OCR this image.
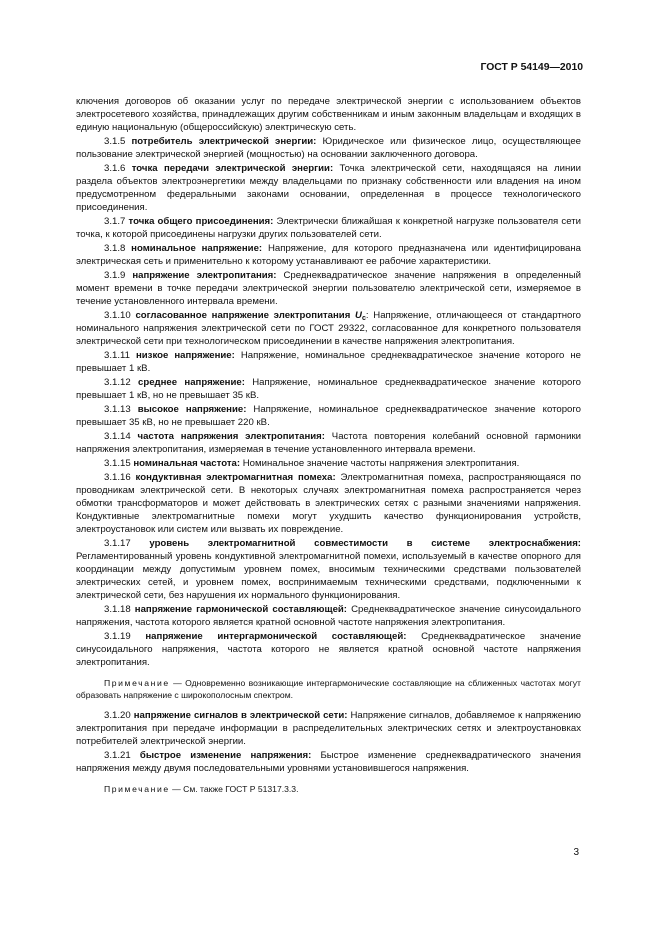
ГОСТ Р 54149—2010

ключения договоров об оказании услуг по передаче электрической энергии с использованием объектов электросетевого хозяйства, принадлежащих другим собственникам и иным законным владельцам и входящих в единую национальную (общероссийскую) электрическую сеть.

3.1.5 потребитель электрической энергии: Юридическое или физическое лицо, осуществляющее пользование электрической энергией (мощностью) на основании заключенного договора.

3.1.6 точка передачи электрической энергии: Точка электрической сети, находящаяся на линии раздела объектов электроэнергетики между владельцами по признаку собственности или владения на ином предусмотренном федеральными законами основании, определенная в процессе технологического присоединения.

3.1.7 точка общего присоединения: Электрически ближайшая к конкретной нагрузке пользователя сети точка, к которой присоединены нагрузки других пользователей сети.

3.1.8 номинальное напряжение: Напряжение, для которого предназначена или идентифицирована электрическая сеть и применительно к которому устанавливают ее рабочие характеристики.

3.1.9 напряжение электропитания: Среднеквадратическое значение напряжения в определенный момент времени в точке передачи электрической энергии пользователю электрической сети, измеряемое в течение установленного интервала времени.

3.1.10 согласованное напряжение электропитания $U_c$: Напряжение, отличающееся от стандартного номинального напряжения электрической сети по ГОСТ 29322, согласованное для конкретного пользователя электрической сети при технологическом присоединении в качестве напряжения электропитания.

3.1.11 низкое напряжение: Напряжение, номинальное среднеквадратическое значение которого не превышает 1 кВ.

3.1.12 среднее напряжение: Напряжение, номинальное среднеквадратическое значение которого превышает 1 кВ, но не превышает 35 кВ.

3.1.13 высокое напряжение: Напряжение, номинальное среднеквадратическое значение которого превышает 35 кВ, но не превышает 220 кВ.

3.1.14 частота напряжения электропитания: Частота повторения колебаний основной гармоники напряжения электропитания, измеряемая в течение установленного интервала времени.

3.1.15 номинальная частота: Номинальное значение частоты напряжения электропитания.

3.1.16 кондуктивная электромагнитная помеха: Электромагнитная помеха, распространяющаяся по проводникам электрической сети. В некоторых случаях электромагнитная помеха распространяется через обмотки трансформаторов и может действовать в электрических сетях с разными значениями напряжения. Кондуктивные электромагнитные помехи могут ухудшить качество функционирования устройств, электроустановок или систем или вызвать их повреждение.

3.1.17 уровень электромагнитной совместимости в системе электроснабжения: Регламентированный уровень кондуктивной электромагнитной помехи, используемый в качестве опорного для координации между допустимым уровнем помех, вносимым техническими средствами пользователей электрических сетей, и уровнем помех, воспринимаемым техническими средствами, подключенными к электрической сети, без нарушения их нормального функционирования.

3.1.18 напряжение гармонической составляющей: Среднеквадратическое значение синусоидального напряжения, частота которого является кратной основной частоте напряжения электропитания.

3.1.19 напряжение интергармонической составляющей: Среднеквадратическое значение синусоидального напряжения, частота которого не является кратной основной частоте напряжения электропитания.

Примечание — Одновременно возникающие интергармонические составляющие на сближенных частотах могут образовать напряжение с широкополосным спектром.

3.1.20 напряжение сигналов в электрической сети: Напряжение сигналов, добавляемое к напряжению электропитания при передаче информации в распределительных электрических сетях и электроустановках потребителей электрической энергии.

3.1.21 быстрое изменение напряжения: Быстрое изменение среднеквадратического значения напряжения между двумя последовательными уровнями установившегося напряжения.

Примечание — См. также ГОСТ Р 51317.3.3.

3
